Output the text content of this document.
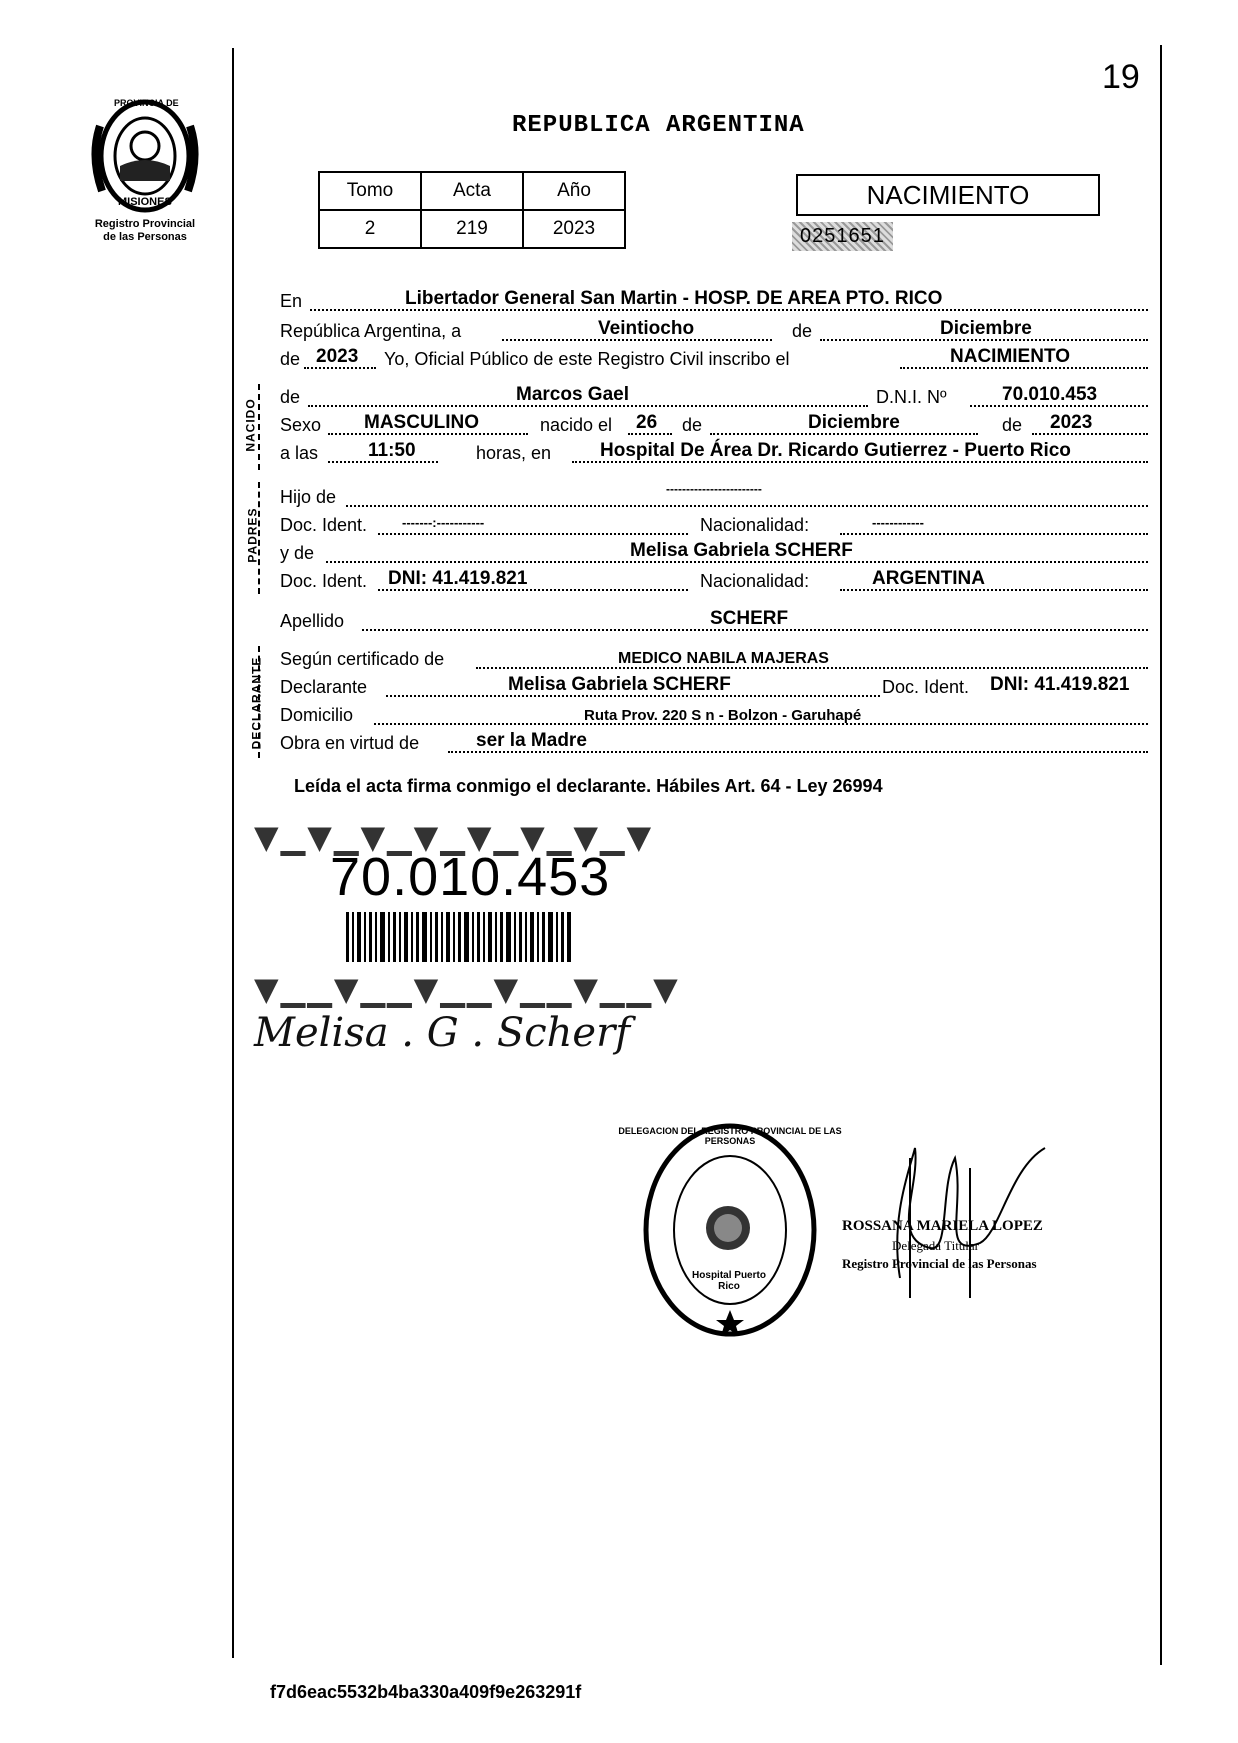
19
PROVINCIA DE
MISIONES
Registro Provincial
de las Personas
REPUBLICA ARGENTINA
Tomo	Acta	Año
2	219	2023
NACIMIENTO
0251651
En	Libertador General San Martin - HOSP. DE AREA PTO. RICO
República Argentina, a	Veintiocho	de	Diciembre
de 2023 Yo, Oficial Público de este Registro Civil inscribo el	NACIMIENTO
NACIDO
de	Marcos Gael	D.N.I. Nº	70.010.453
Sexo MASCULINO	nacido el 26 de	Diciembre	de 2023
a las	11:50	horas, en	Hospital De Área Dr. Ricardo Gutierrez - Puerto Rico
PADRES
Hijo de	------------------------
Doc. Ident.	-------:-----------	Nacionalidad:	------------
y de	Melisa Gabriela SCHERF
Doc. Ident. DNI: 41.419.821	Nacionalidad:	ARGENTINA
Apellido	SCHERF
DECLARANTE Según certificado de	MEDICO NABILA MAJERAS
Declarante	Melisa Gabriela SCHERF	Doc. Ident. DNI: 41.419.821
Domicilio	Ruta Prov. 220 S n - Bolzon - Garuhapé
Obra en virtud de	ser la Madre
Leída el acta firma conmigo el declarante. Hábiles Art. 64 - Ley 26994
▼▁▼▁▼▁▼▁▼▁▼▁▼▁▼
70.010.453
▼▁▁▼▁▁▼▁▁▼▁▁▼▁▁▼
Melisa . G . Scherf
DELEGACION DEL REGISTRO PROVINCIAL DE LAS PERSONAS
Hospital Puerto Rico
ROSSANA MARIELA LOPEZ
Delegada Titular
Registro Provincial de las Personas
f7d6eac5532b4ba330a409f9e263291f
